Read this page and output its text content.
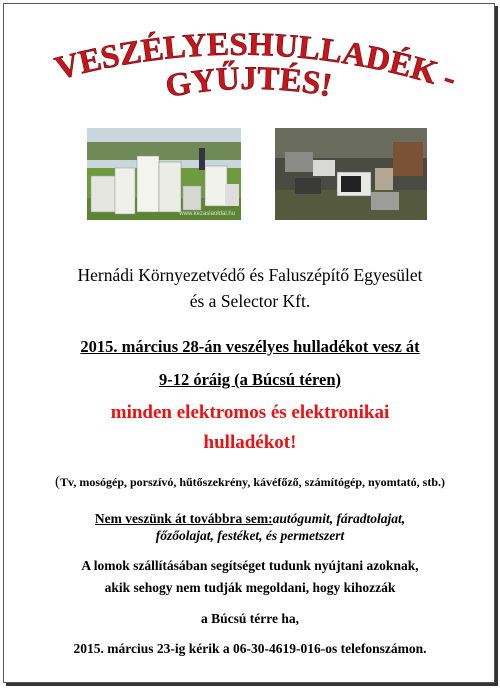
VESZÉLYESHULLADÉK -
GYŰJTÉS!
www.kezaslaoldal.hu
Hernádi Környezetvédő és Faluszépítő Egyesület
és a Selector Kft.
2015. március 28-án veszélyes hulladékot vesz át
9-12 óráig (a Búcsú téren)
minden elektromos és elektronikai
hulladékot!
(Tv, mosógép, porszívó, hűtőszekrény, kávéfőző, számítógép, nyomtató, stb.)
Nem veszünk át továbbra sem:autógumit, fáradtolajat,
főzőolajat, festéket, és permetszert
A lomok szállításában segítséget tudunk nyújtani azoknak,
akik sehogy nem tudják megoldani, hogy kihozzák
a Búcsú térre ha,
2015. március 23-ig kérik a 06-30-4619-016-os telefonszámon.
